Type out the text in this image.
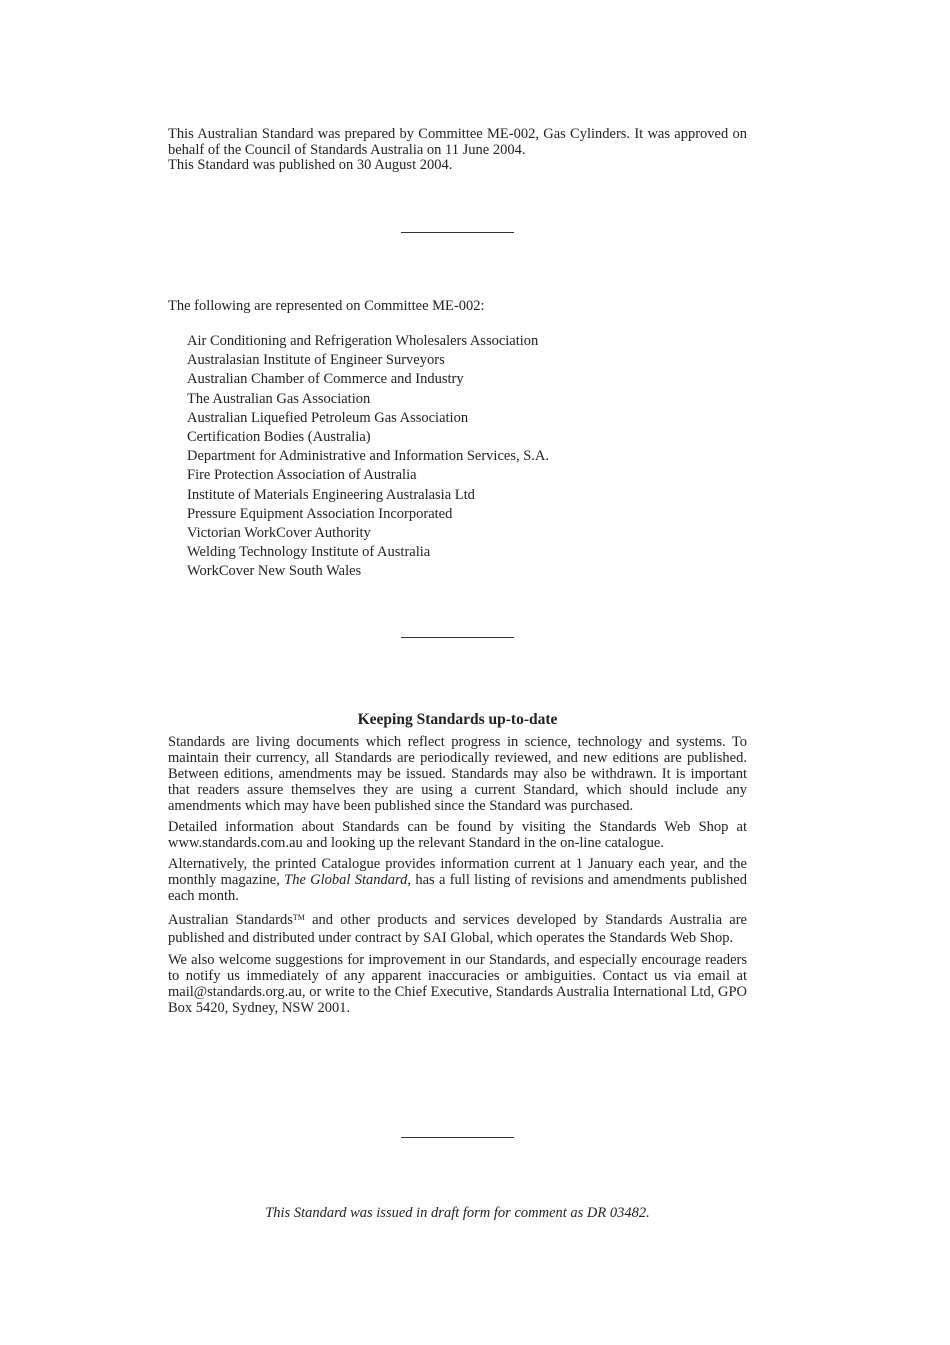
This Australian Standard was prepared by Committee ME-002, Gas Cylinders. It was approved on behalf of the Council of Standards Australia on 11 June 2004.
This Standard was published on 30 August 2004.
The following are represented on Committee ME-002:
Air Conditioning and Refrigeration Wholesalers Association
Australasian Institute of Engineer Surveyors
Australian Chamber of Commerce and Industry
The Australian Gas Association
Australian Liquefied Petroleum Gas Association
Certification Bodies (Australia)
Department for Administrative and Information Services, S.A.
Fire Protection Association of Australia
Institute of Materials Engineering Australasia Ltd
Pressure Equipment Association Incorporated
Victorian WorkCover Authority
Welding Technology Institute of Australia
WorkCover New South Wales
Keeping Standards up-to-date

Standards are living documents which reflect progress in science, technology and systems. To maintain their currency, all Standards are periodically reviewed, and new editions are published. Between editions, amendments may be issued. Standards may also be withdrawn. It is important that readers assure themselves they are using a current Standard, which should include any amendments which may have been published since the Standard was purchased.

Detailed information about Standards can be found by visiting the Standards Web Shop at www.standards.com.au and looking up the relevant Standard in the on-line catalogue.

Alternatively, the printed Catalogue provides information current at 1 January each year, and the monthly magazine, The Global Standard, has a full listing of revisions and amendments published each month.

Australian Standards™ and other products and services developed by Standards Australia are published and distributed under contract by SAI Global, which operates the Standards Web Shop.

We also welcome suggestions for improvement in our Standards, and especially encourage readers to notify us immediately of any apparent inaccuracies or ambiguities. Contact us via email at mail@standards.org.au, or write to the Chief Executive, Standards Australia International Ltd, GPO Box 5420, Sydney, NSW 2001.

This Standard was issued in draft form for comment as DR 03482.
